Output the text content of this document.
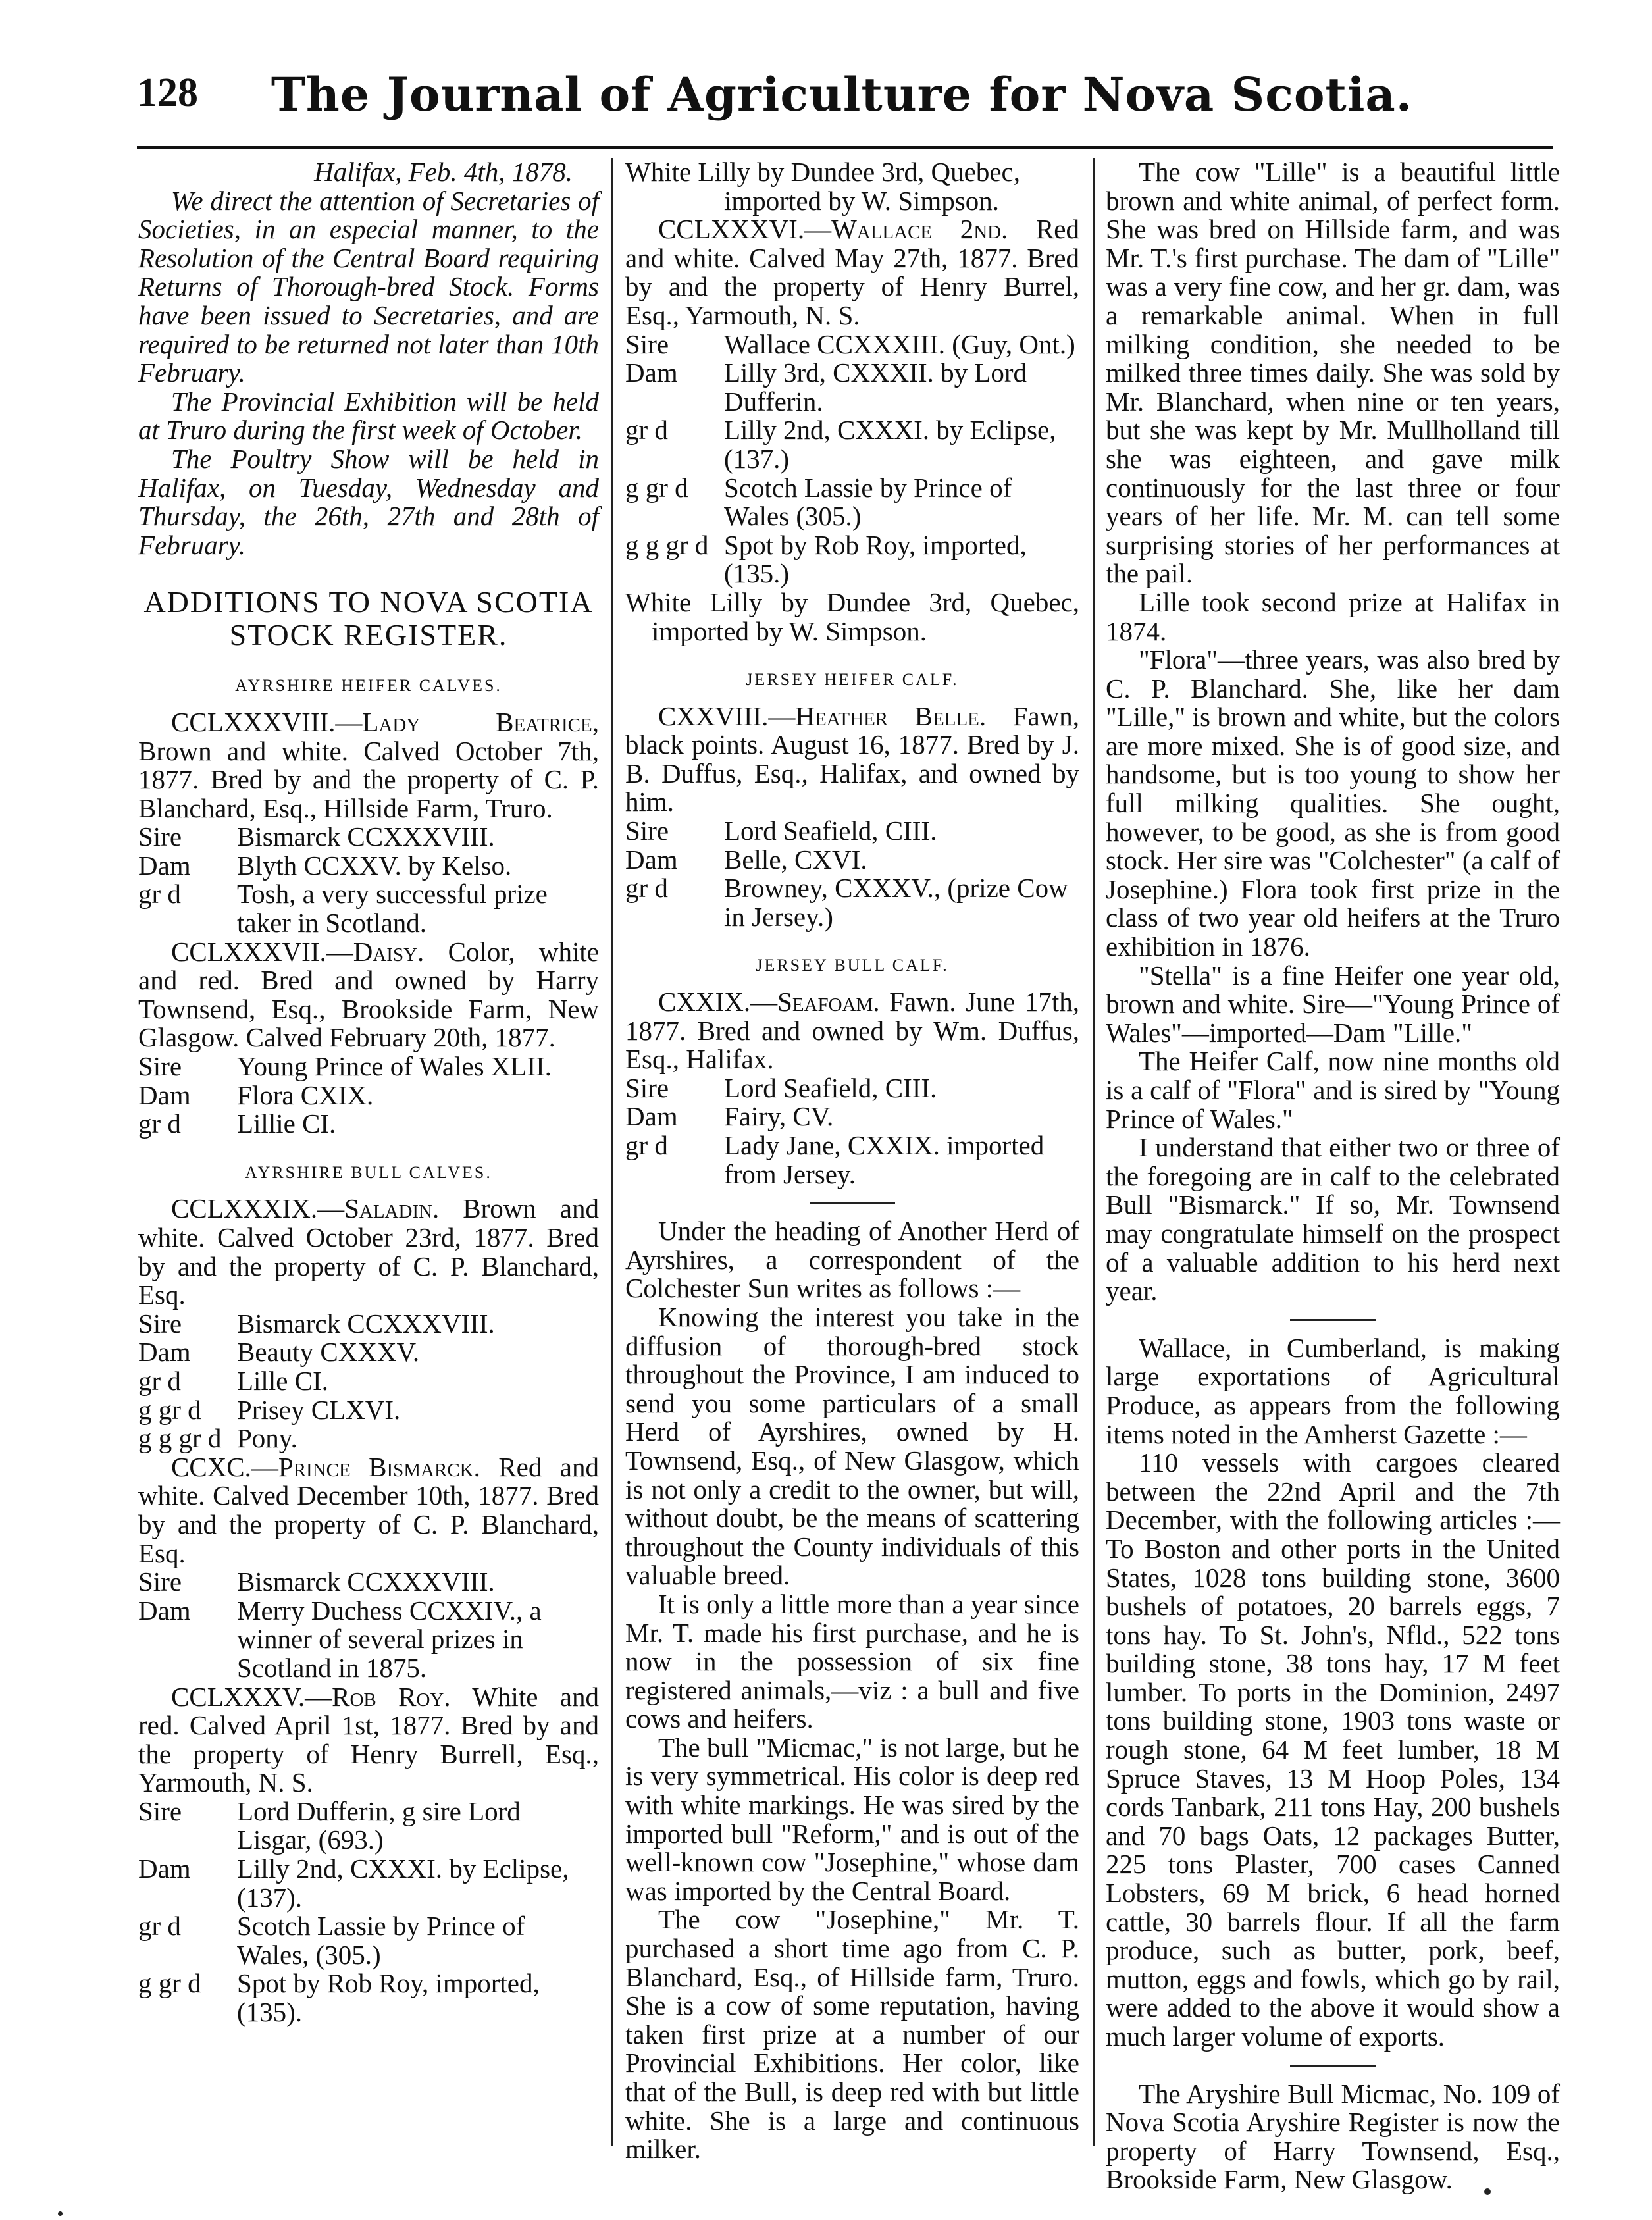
128	The Journal of Agriculture for Nova Scotia.

Halifax, Feb. 4th, 1878.

We direct the attention of Secretaries of Societies, in an especial manner, to the Resolution of the Central Board requiring Returns of Thorough-bred Stock. Forms have been issued to Secretaries, and are required to be returned not later than 10th February.

The Provincial Exhibition will be held at Truro during the first week of October.

The Poultry Show will be held in Halifax, on Tuesday, Wednesday and Thursday, the 26th, 27th and 28th of February.

ADDITIONS TO NOVA SCOTIA STOCK REGISTER.
AYRSHIRE HEIFER CALVES.

CCLXXXVIII.—Lady Beatrice, Brown and white. Calved October 7th, 1877. Bred by and the property of C. P. Blanchard, Esq., Hillside Farm, Truro.

Sire Bismarck CCXXXVIII.
Dam Blyth CCXXV. by Kelso.
gr d Tosh, a very successful prize taker in Scotland.

CCLXXXVII.—Daisy. Color, white and red. Bred and owned by Harry Townsend, Esq., Brookside Farm, New Glasgow. Calved February 20th, 1877.

Sire Young Prince of Wales XLII.
Dam Flora CXIX.
gr d Lillie CI.
AYRSHIRE BULL CALVES.

CCLXXXIX.—Saladin. Brown and white. Calved October 23rd, 1877. Bred by and the property of C. P. Blanchard, Esq.

Sire Bismarck CCXXXVIII.
Dam Beauty CXXXV.
gr d Lille CI.
g gr d Prisey CLXVI.
g g gr d Pony.

CCXC.—Prince Bismarck. Red and white. Calved December 10th, 1877. Bred by and the property of C. P. Blanchard, Esq.

Sire Bismarck CCXXXVIII.
Dam Merry Duchess CCXXIV., a winner of several prizes in Scotland in 1875.

CCLXXXV.—Rob Roy. White and red. Calved April 1st, 1877. Bred by and the property of Henry Burrell, Esq., Yarmouth, N. S.

Sire Lord Dufferin, g sire Lord Lisgar, (693.)
Dam Lilly 2nd, CXXXI. by Eclipse, (137).
gr d Scotch Lassie by Prince of Wales, (305.)
g gr d Spot by Rob Roy, imported, (135).
White Lilly by Dundee 3rd, Quebec, imported by W. Simpson.

CCLXXXVI.—Wallace 2nd. Red and white. Calved May 27th, 1877. Bred by and the property of Henry Burrel, Esq., Yarmouth, N. S.

Sire Wallace CCXXXIII. (Guy, Ont.)
Dam Lilly 3rd, CXXXII. by Lord Dufferin.
gr d Lilly 2nd, CXXXI. by Eclipse, (137.)
g gr d Scotch Lassie by Prince of Wales (305.)
g g gr d Spot by Rob Roy, imported, (135.)

White Lilly by Dundee 3rd, Quebec, imported by W. Simpson.

JERSEY HEIFER CALF.

CXXVIII.—Heather Belle. Fawn, black points. August 16, 1877. Bred by J. B. Duffus, Esq., Halifax, and owned by him.

Sire Lord Seafield, CIII.
Dam Belle, CXVI.
gr d Browney, CXXXV., (prize Cow in Jersey.)
JERSEY BULL CALF.

CXXIX.—Seafoam. Fawn. June 17th, 1877. Bred and owned by Wm. Duffus, Esq., Halifax.

Sire Lord Seafield, CIII.
Dam Fairy, CV.
gr d Lady Jane, CXXIX. imported from Jersey.

Under the heading of Another Herd of Ayrshires, a correspondent of the Colchester Sun writes as follows :—

Knowing the interest you take in the diffusion of thorough-bred stock throughout the Province, I am induced to send you some particulars of a small Herd of Ayrshires, owned by H. Townsend, Esq., of New Glasgow, which is not only a credit to the owner, but will, without doubt, be the means of scattering throughout the County individuals of this valuable breed.

It is only a little more than a year since Mr. T. made his first purchase, and he is now in the possession of six fine registered animals,—viz : a bull and five cows and heifers.

The bull "Micmac," is not large, but he is very symmetrical. His color is deep red with white markings. He was sired by the imported bull "Reform," and is out of the well-known cow "Josephine," whose dam was imported by the Central Board.

The cow "Josephine," Mr. T. purchased a short time ago from C. P. Blanchard, Esq., of Hillside farm, Truro. She is a cow of some reputation, having taken first prize at a number of our Provincial Exhibitions. Her color, like that of the Bull, is deep red with but little white. She is a large and continuous milker.

The cow "Lille" is a beautiful little brown and white animal, of perfect form. She was bred on Hillside farm, and was Mr. T.'s first purchase. The dam of "Lille" was a very fine cow, and her gr. dam, was a remarkable animal. When in full milking condition, she needed to be milked three times daily. She was sold by Mr. Blanchard, when nine or ten years, but she was kept by Mr. Mullholland till she was eighteen, and gave milk continuously for the last three or four years of her life. Mr. M. can tell some surprising stories of her performances at the pail.

Lille took second prize at Halifax in 1874.

"Flora"—three years, was also bred by C. P. Blanchard. She, like her dam "Lille," is brown and white, but the colors are more mixed. She is of good size, and handsome, but is too young to show her full milking qualities. She ought, however, to be good, as she is from good stock. Her sire was "Colchester" (a calf of Josephine.) Flora took first prize in the class of two year old heifers at the Truro exhibition in 1876.

"Stella" is a fine Heifer one year old, brown and white. Sire—"Young Prince of Wales"—imported—Dam "Lille."

The Heifer Calf, now nine months old is a calf of "Flora" and is sired by "Young Prince of Wales."

I understand that either two or three of the foregoing are in calf to the celebrated Bull "Bismarck." If so, Mr. Townsend may congratulate himself on the prospect of a valuable addition to his herd next year.

Wallace, in Cumberland, is making large exportations of Agricultural Produce, as appears from the following items noted in the Amherst Gazette :—

110 vessels with cargoes cleared between the 22nd April and the 7th December, with the following articles :—To Boston and other ports in the United States, 1028 tons building stone, 3600 bushels of potatoes, 20 barrels eggs, 7 tons hay. To St. John's, Nfld., 522 tons building stone, 38 tons hay, 17 M feet lumber. To ports in the Dominion, 2497 tons building stone, 1903 tons waste or rough stone, 64 M feet lumber, 18 M Spruce Staves, 13 M Hoop Poles, 134 cords Tanbark, 211 tons Hay, 200 bushels and 70 bags Oats, 12 packages Butter, 225 tons Plaster, 700 cases Canned Lobsters, 69 M brick, 6 head horned cattle, 30 barrels flour. If all the farm produce, such as butter, pork, beef, mutton, eggs and fowls, which go by rail, were added to the above it would show a much larger volume of exports.

The Aryshire Bull Micmac, No. 109 of Nova Scotia Aryshire Register is now the property of Harry Townsend, Esq., Brookside Farm, New Glasgow.
